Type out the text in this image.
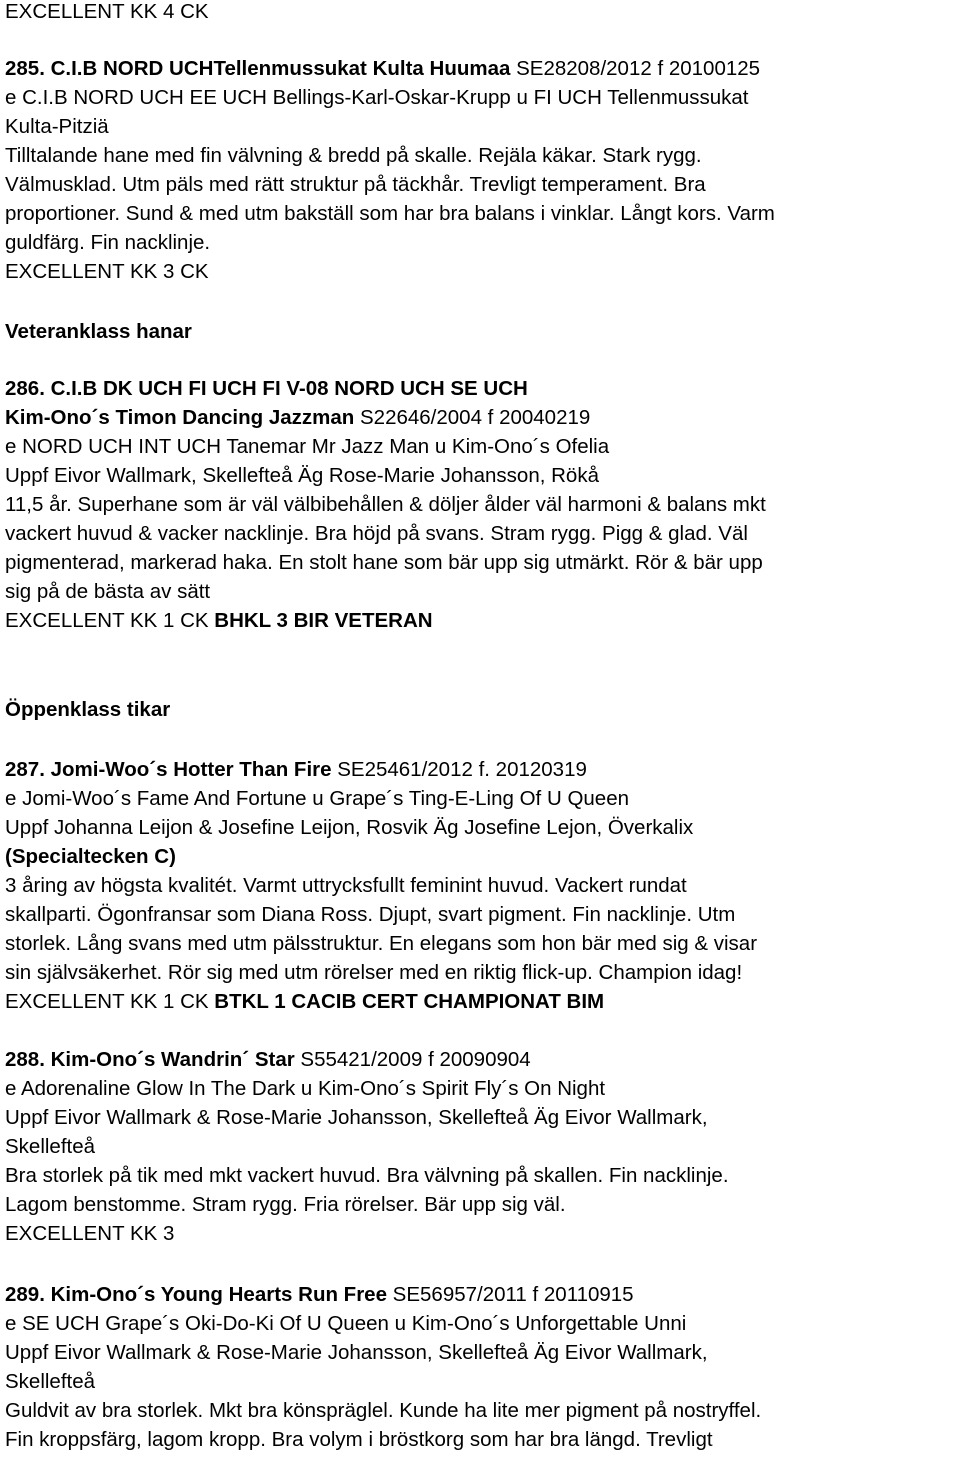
EXCELLENT KK 4 CK
285. C.I.B NORD UCHTellenmussukat Kulta Huumaa SE28208/2012 f 20100125
e C.I.B NORD UCH EE UCH Bellings-Karl-Oskar-Krupp u FI UCH Tellenmussukat
Kulta-Pitziä
Tilltalande hane med fin välvning & bredd på skalle. Rejäla käkar. Stark rygg.
Välmusklad. Utm päls med rätt struktur på täckhår. Trevligt temperament. Bra
proportioner. Sund & med utm bakställ som har bra balans i vinklar. Långt kors. Varm
guldfärg. Fin nacklinje.
EXCELLENT KK 3 CK
Veteranklass hanar
286. C.I.B DK UCH FI UCH FI V-08 NORD UCH SE UCH
Kim-Ono´s Timon Dancing Jazzman S22646/2004 f 20040219
e NORD UCH INT UCH Tanemar Mr Jazz Man u Kim-Ono´s Ofelia
Uppf Eivor Wallmark, Skellefteå Äg Rose-Marie Johansson, Rökå
11,5 år. Superhane som är väl välbibehållen & döljer ålder väl harmoni & balans mkt
vackert huvud & vacker nacklinje. Bra höjd på svans. Stram rygg. Pigg & glad. Väl
pigmenterad, markerad haka. En stolt hane som bär upp sig utmärkt. Rör & bär upp
sig på de bästa av sätt
EXCELLENT KK 1 CK BHKL 3 BIR VETERAN
Öppenklass tikar
287. Jomi-Woo´s Hotter Than Fire SE25461/2012 f. 20120319
e Jomi-Woo´s Fame And Fortune u Grape´s Ting-E-Ling Of U Queen
Uppf Johanna Leijon & Josefine Leijon, Rosvik Äg Josefine Lejon, Överkalix
(Specialtecken C)
3 åring av högsta kvalitét. Varmt uttrycksfullt feminint huvud. Vackert rundat
skallparti. Ögonfransar som Diana Ross. Djupt, svart pigment. Fin nacklinje. Utm
storlek. Lång svans med utm pälsstruktur. En elegans som hon bär med sig & visar
sin självsäkerhet. Rör sig med utm rörelser med en riktig flick-up. Champion idag!
EXCELLENT KK 1 CK BTKL 1 CACIB CERT CHAMPIONAT BIM
288. Kim-Ono´s Wandrin´ Star S55421/2009 f 20090904
e Adorenaline Glow In The Dark u Kim-Ono´s Spirit Fly´s On Night
Uppf Eivor Wallmark & Rose-Marie Johansson, Skellefteå Äg Eivor Wallmark,
Skellefteå
Bra storlek på tik med mkt vackert huvud. Bra välvning på skallen. Fin nacklinje.
Lagom benstomme. Stram rygg. Fria rörelser. Bär upp sig väl.
EXCELLENT KK 3
289. Kim-Ono´s Young Hearts Run Free SE56957/2011 f 20110915
e SE UCH Grape´s Oki-Do-Ki Of U Queen u Kim-Ono´s Unforgettable Unni
Uppf Eivor Wallmark & Rose-Marie Johansson, Skellefteå Äg Eivor Wallmark,
Skellefteå
Guldvit av bra storlek. Mkt bra könspräglel. Kunde ha lite mer pigment på nostryffel.
Fin kroppsfärg, lagom kropp. Bra volym i bröstkorg som har bra längd. Trevligt
